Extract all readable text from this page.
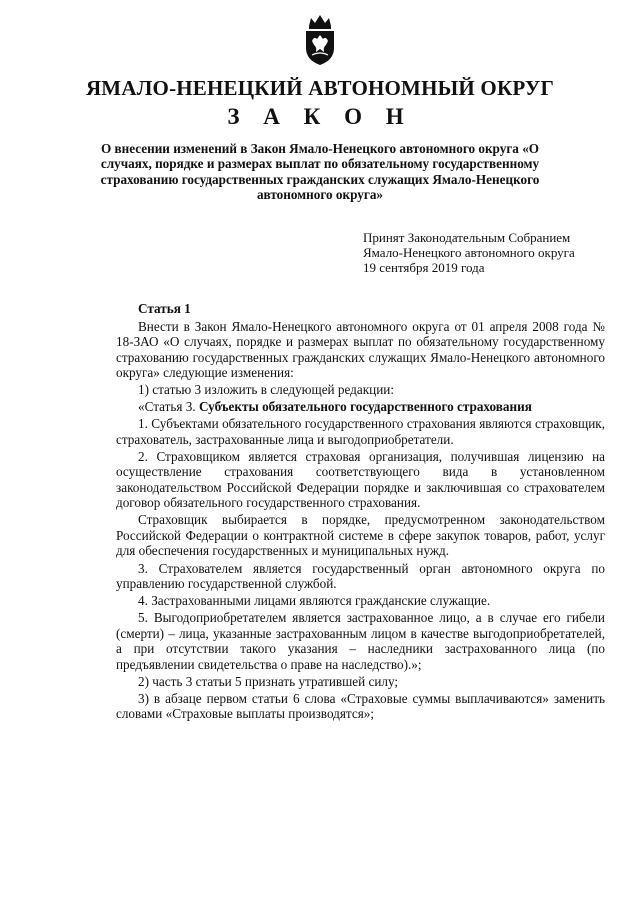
ЯМАЛО-НЕНЕЦКИЙ АВТОНОМНЫЙ ОКРУГ
З А К О Н
О внесении изменений в Закон Ямало-Ненецкого автономного округа «О случаях, порядке и размерах выплат по обязательному государственному страхованию государственных гражданских служащих Ямало-Ненецкого автономного округа»
Принят Законодательным Собранием
Ямало-Ненецкого автономного округа
19 сентября 2019 года

Статья 1

Внести в Закон Ямало-Ненецкого автономного округа от 01 апреля 2008 года № 18-ЗАО «О случаях, порядке и размерах выплат по обязательному государственному страхованию государственных гражданских служащих Ямало-Ненецкого автономного округа» следующие изменения:

1) статью 3 изложить в следующей редакции:

«Статья 3. Субъекты обязательного государственного страхования

1. Субъектами обязательного государственного страхования являются страховщик, страхователь, застрахованные лица и выгодоприобретатели.

2. Страховщиком является страховая организация, получившая лицензию на осуществление страхования соответствующего вида в установленном законодательством Российской Федерации порядке и заключившая со страхователем договор обязательного государственного страхования.

Страховщик выбирается в порядке, предусмотренном законодательством Российской Федерации о контрактной системе в сфере закупок товаров, работ, услуг для обеспечения государственных и муниципальных нужд.

3. Страхователем является государственный орган автономного округа по управлению государственной службой.

4. Застрахованными лицами являются гражданские служащие.

5. Выгодоприобретателем является застрахованное лицо, а в случае его гибели (смерти) – лица, указанные застрахованным лицом в качестве выгодоприобретателей, а при отсутствии такого указания – наследники застрахованного лица (по предъявлении свидетельства о праве на наследство).»;

2) часть 3 статьи 5 признать утратившей силу;

3) в абзаце первом статьи 6 слова «Страховые суммы выплачиваются» заменить словами «Страховые выплаты производятся»;
